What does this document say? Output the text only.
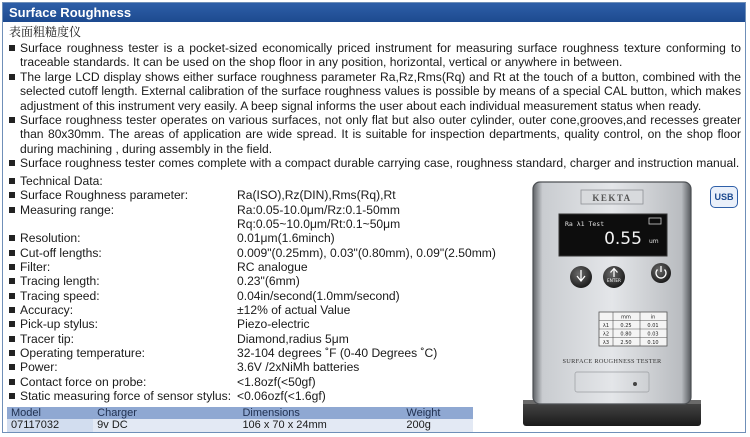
Surface Roughness
表面粗糙度仪
Surface roughness tester is a pocket-sized economically priced instrument for measuring surface roughness texture conforming to traceable standards. It can be used on the shop floor in any position, horizontal, vertical or anywhere in between.
The large LCD display shows either surface roughness parameter Ra,Rz,Rms(Rq) and Rt at the touch of a button, combined with the selected cutoff length. External calibration of the surface roughness values is possible by means of a special CAL button, which makes adjustment of this instrument very easily. A beep signal informs the user about each individual measurement status when ready.
Surface roughness tester operates on various surfaces, not only flat but also outer cylinder, outer cone,grooves,and recesses greater than 80x30mm. The areas of application are wide spread. It is suitable for inspection departments, quality control, on the shop floor during machining , during assembly in the field.
Surface roughness tester comes complete with a compact durable carrying case, roughness standard, charger and instruction manual.
Technical Data:
Surface Roughness parameter:	Ra(ISO),Rz(DIN),Rms(Rq),Rt
Measuring range:	Ra:0.05-10.0μm/Rz:0.1-50mm
Rq:0.05~10.0μm/Rt:0.1~50μm
Resolution:	0.01μm(1.6minch)
Cut-off lengths:	0.009"(0.25mm), 0.03"(0.80mm), 0.09"(2.50mm)
Filter:	RC analogue
Tracing length:	0.23"(6mm)
Tracing speed:	0.04in/second(1.0mm/second)
Accuracy:	±12% of actual Value
Pick-up stylus:	Piezo-electric
Tracer tip:	Diamond,radius 5μm
Operating temperature:	32-104 degrees ˚F (0-40 Degrees ˚C)
Power:	3.6V /2xNiMh batteries
Contact force on probe:	<1.8ozf(<50gf)
Static measuring force of sensor stylus: <0.06ozf(<1.6gf)
Model	Charger	Dimensions	Weight
07117032	9v DC	106 x 70 x 24mm	200g
USB
KEKTA
Ra λ1 Test
0.55 um
ENTER
mm	in
λ1 0.25	0.01
λ2 0.80	0.03
λ3 2.50	0.10
SURFACE ROUGHNESS TESTER
